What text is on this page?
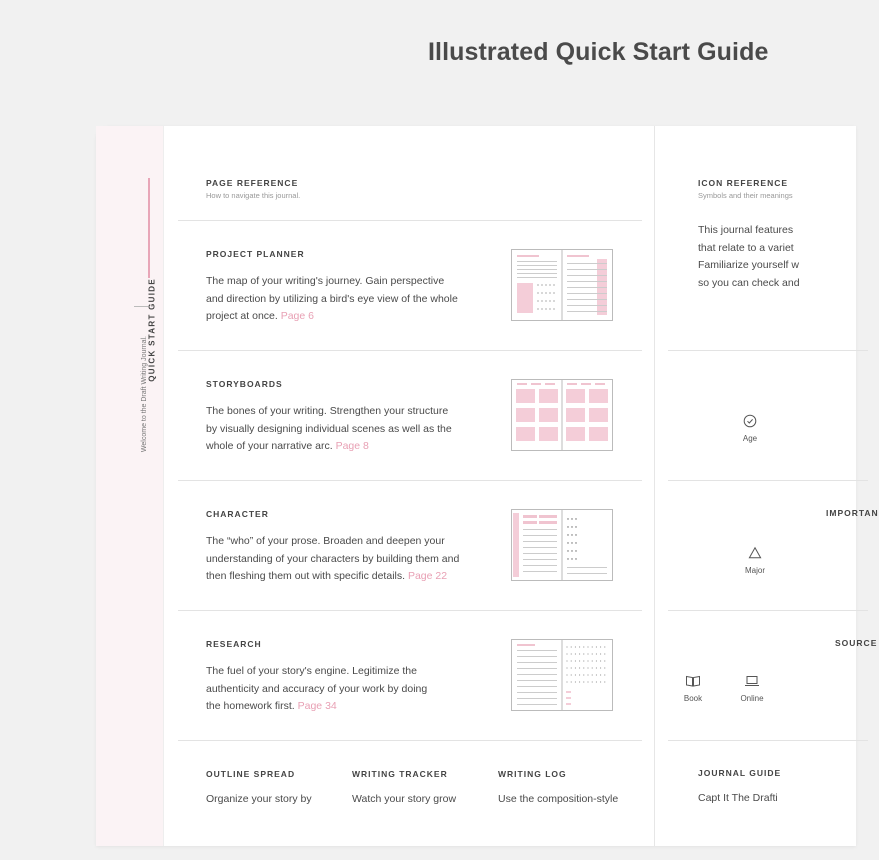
Illustrated Quick Start Guide
QUICK START GUIDE
Welcome to the Draft Writing Journal.
PAGE REFERENCE
How to navigate this journal.
PROJECT PLANNER
The map of your writing's journey. Gain perspective
and direction by utilizing a bird's eye view of the whole
project at once. Page 6
STORYBOARDS
The bones of your writing. Strengthen your structure
by visually designing individual scenes as well as the
whole of your narrative arc. Page 8
CHARACTER
The “who” of your prose. Broaden and deepen your
understanding of your characters by building them and
then fleshing them out with specific details. Page 22
RESEARCH
The fuel of your story's engine. Legitimize the
authenticity and accuracy of your work by doing
the homework first. Page 34
OUTLINE SPREAD
Organize your story by
WRITING TRACKER
Watch your story grow
WRITING LOG
Use the composition-style
ICON REFERENCE
Symbols and their meanings
This journal features
that relate to a variet
Familiarize yourself w
so you can check and
Age
IMPORTAN
Major
SOURCE
Book	Online
JOURNAL GUIDE
Capt It The Drafti
